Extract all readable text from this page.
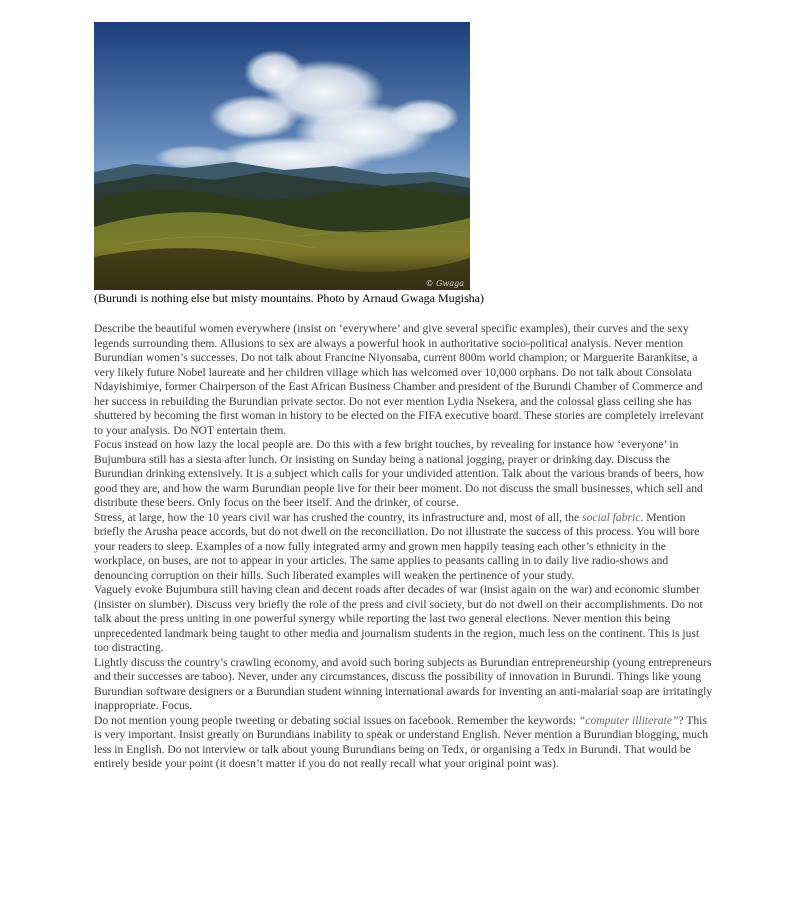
© Gwaga
(Burundi is nothing else but misty mountains. Photo by Arnaud Gwaga Mugisha)

Describe the beautiful women everywhere (insist on ‘everywhere’ and give several specific examples), their curves and the sexy legends surrounding them. Allusions to sex are always a powerful hook in authoritative socio-political analysis. Never mention Burundian women’s successes. Do not talk about Francine Niyonsaba, current 800m world champion; or Marguerite Barankitse, a very likely future Nobel laureate and her children village which has welcomed over 10,000 orphans. Do not talk about Consolata Ndayishimiye, former Chairperson of the East African Business Chamber and president of the Burundi Chamber of Commerce and her success in rebuilding the Burundian private sector. Do not ever mention Lydia Nsekera, and the colossal glass ceiling she has shuttered by becoming the first woman in history to be elected on the FIFA executive board. These stories are completely irrelevant to your analysis. Do NOT entertain them.

Focus instead on how lazy the local people are. Do this with a few bright touches, by revealing for instance how ‘everyone’ in Bujumbura still has a siesta after lunch. Or insisting on Sunday being a national jogging, prayer or drinking day. Discuss the Burundian drinking extensively. It is a subject which calls for your undivided attention. Talk about the various brands of beers, how good they are, and how the warm Burundian people live for their beer moment. Do not discuss the small businesses, which sell and distribute these beers. Only focus on the beer itself. And the drinker, of course.

Stress, at large, how the 10 years civil war has crushed the country, its infrastructure and, most of all, the social fabric. Mention briefly the Arusha peace accords, but do not dwell on the reconciliation. Do not illustrate the success of this process. You will bore your readers to sleep. Examples of a now fully integrated army and grown men happily teasing each other’s ethnicity in the workplace, on buses, are not to appear in your articles. The same applies to peasants calling in to daily live radio-shows and denouncing corruption on their hills. Such liberated examples will weaken the pertinence of your study.

Vaguely evoke Bujumbura still having clean and decent roads after decades of war (insist again on the war) and economic slumber (insister on slumber). Discuss very briefly the role of the press and civil society, but do not dwell on their accomplishments. Do not talk about the press uniting in one powerful synergy while reporting the last two general elections. Never mention this being unprecedented landmark being taught to other media and journalism students in the region, much less on the continent. This is just too distracting.

Lightly discuss the country’s crawling economy, and avoid such boring subjects as Burundian entrepreneurship (young entrepreneurs and their successes are taboo). Never, under any circumstances, discuss the possibility of innovation in Burundi. Things like young Burundian software designers or a Burundian student winning international awards for inventing an anti-malarial soap are irritatingly inappropriate. Focus.

Do not mention young people tweeting or debating social issues on facebook. Remember the keywords: “computer illiterate”? This is very important. Insist greatly on Burundians inability to speak or understand English. Never mention a Burundian blogging, much less in English. Do not interview or talk about young Burundians being on Tedx, or organising a Tedx in Burundi. That would be entirely beside your point (it doesn’t matter if you do not really recall what your original point was).
